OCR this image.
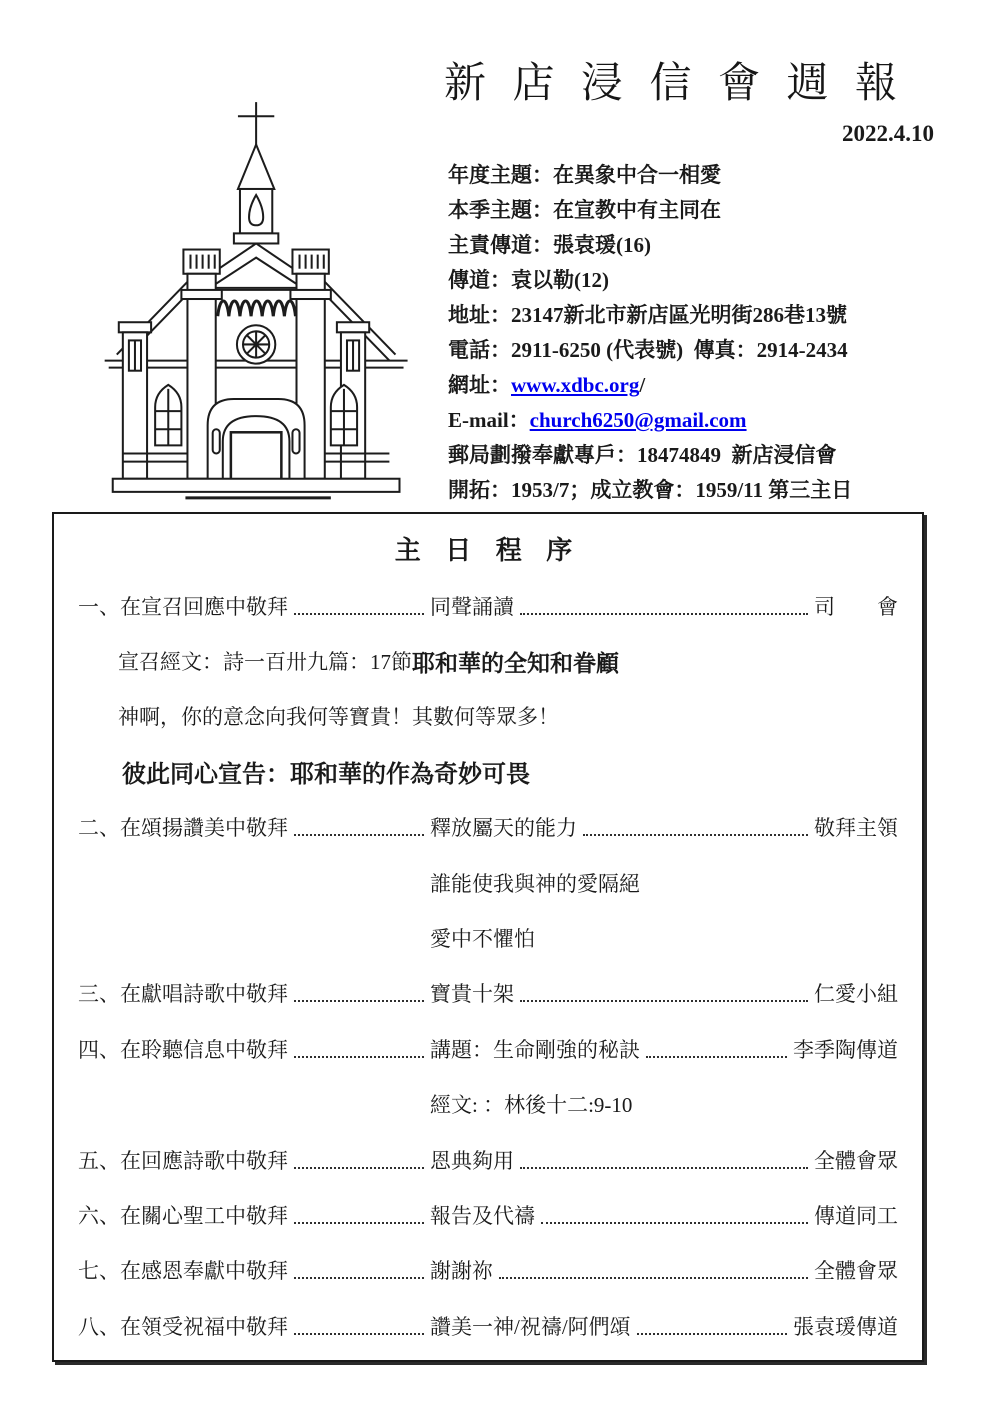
新 店 浸 信 會 週 報
2022.4.10
年度主題：在異象中合一相愛
本季主題：在宣教中有主同在
主責傳道：張袁瑗(16)
傳道：袁以勒(12)
地址：23147新北市新店區光明街286巷13號
電話：2911-6250 (代表號)  傳真：2914-2434
網址：www.xdbc.org/
E-mail：church6250@gmail.com
郵局劃撥奉獻專戶：18474849  新店浸信會
開拓：1953/7；成立教會：1959/11 第三主日
主 日 程 序
一、在宣召回應中敬拜	同聲誦讀	司　　會
宣召經文：詩一百卅九篇：17節 耶和華的全知和眷顧
神啊，你的意念向我何等寶貴！其數何等眾多！
彼此同心宣告：耶和華的作為奇妙可畏
二、在頌揚讚美中敬拜	釋放屬天的能力	敬拜主領
誰能使我與神的愛隔絕
愛中不懼怕
三、在獻唱詩歌中敬拜	寶貴十架	仁愛小組
四、在聆聽信息中敬拜	講題：生命剛強的秘訣	李季陶傳道
經文: ：林後十二:9-10
五、在回應詩歌中敬拜	恩典夠用	全體會眾
六、在關心聖工中敬拜	報告及代禱	傳道同工
七、在感恩奉獻中敬拜	謝謝祢	全體會眾
八、在領受祝福中敬拜	讚美一神/祝禱/阿們頌	張袁瑗傳道
